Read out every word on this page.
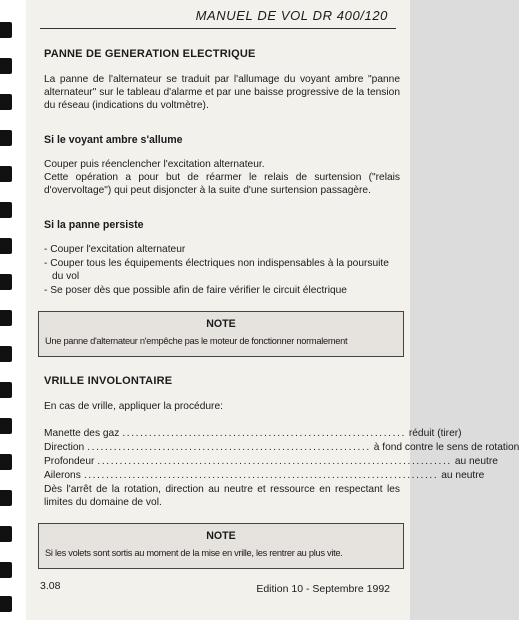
MANUEL DE VOL DR 400/120
PANNE DE GENERATION ELECTRIQUE

La panne de l'alternateur se traduit par l'allumage du voyant ambre "panne alternateur" sur le tableau d'alarme et par une baisse progressive de la tension du réseau (indications du voltmètre).

Si le voyant ambre s'allume

Couper puis réenclencher l'excitation alternateur.

Cette opération a pour but de réarmer le relais de surtension ("relais d'overvoltage") qui peut disjoncter à la suite d'une surtension passagère.

Si la panne persiste
- Couper l'excitation alternateur
- Couper tous les équipements électriques non indispensables à la poursuite du vol
- Se poser dès que possible afin de faire vérifier le circuit électrique
NOTE
Une panne d'alternateur n'empêche pas le moteur de fonctionner normalement
VRILLE INVOLONTAIRE

En cas de vrille, appliquer la procédure:

Manette des gaz ................................................................ réduit (tirer)
Direction ................................................................ à fond contre le sens de rotation
Profondeur ................................................................................ au neutre
Ailerons ................................................................................ au neutre

Dès l'arrêt de la rotation, direction au neutre et ressource en respectant les limites du domaine de vol.

NOTE
Si les volets sont sortis au moment de la mise en vrille, les rentrer au plus vite.
3.08	Edition 10 - Septembre 1992
